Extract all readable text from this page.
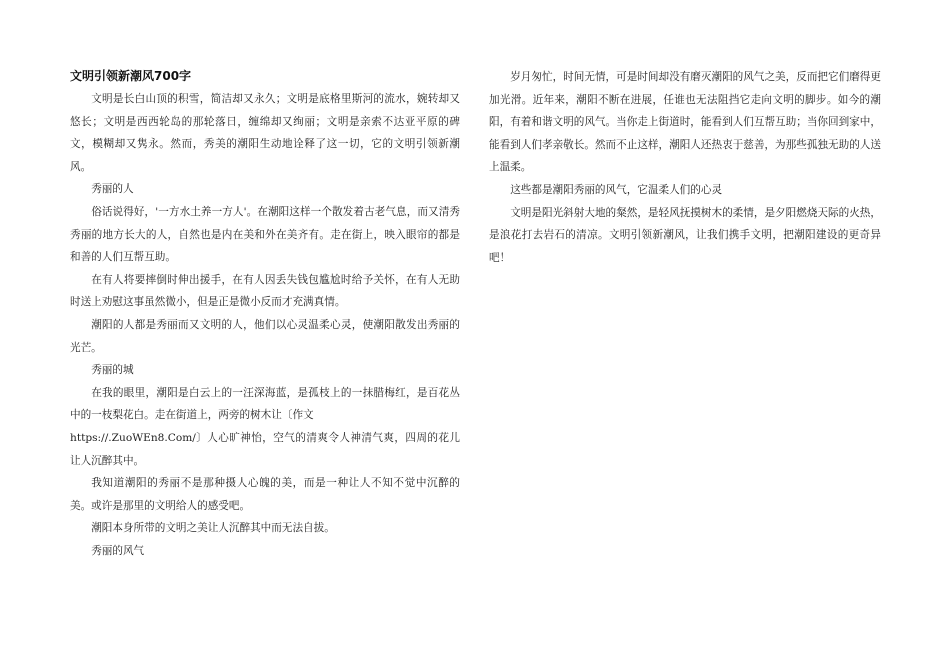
文明引领新潮风700字

文明是长白山顶的积雪，简洁却又永久；文明是底格里斯河的流水，婉转却又悠长；文明是西西轮岛的那轮落日，缠绵却又绚丽；文明是亲索不达亚平原的碑文，模糊却又隽永。然而，秀美的潮阳生动地诠释了这一切，它的文明引领新潮风。

秀丽的人

俗话说得好，'一方水土养一方人'。在潮阳这样一个散发着古老气息，而又清秀秀丽的地方长大的人，自然也是内在美和外在美齐有。走在街上，映入眼帘的都是和善的人们互帮互助。

在有人将要摔倒时伸出援手，在有人因丢失钱包尴尬时给予关怀，在有人无助时送上劝慰这事虽然微小，但是正是微小反而才充满真情。

潮阳的人都是秀丽而又文明的人，他们以心灵温柔心灵，使潮阳散发出秀丽的光芒。

秀丽的城

在我的眼里，潮阳是白云上的一汪深海蓝，是孤枝上的一抹腊梅红，是百花丛中的一枝梨花白。走在街道上，两旁的树木让〔作文

https://.ZuoWEn8.Com/〕人心旷神怡，空气的清爽令人神清气爽，四周的花儿让人沉醉其中。

我知道潮阳的秀丽不是那种摄人心魄的美，而是一种让人不知不觉中沉醉的美。或许是那里的文明给人的感受吧。

潮阳本身所带的文明之美让人沉醉其中而无法自拔。

秀丽的风气

岁月匆忙，时间无情，可是时间却没有磨灭潮阳的风气之美，反而把它们磨得更加光滑。近年来，潮阳不断在进展，任谁也无法阻挡它走向文明的脚步。如今的潮阳，有着和谐文明的风气。当你走上街道时，能看到人们互帮互助；当你回到家中，能看到人们孝亲敬长。然而不止这样，潮阳人还热衷于慈善，为那些孤独无助的人送上温柔。

这些都是潮阳秀丽的风气，它温柔人们的心灵

文明是阳光斜射大地的粲然，是轻风抚摸树木的柔情，是夕阳燃烧天际的火热，是浪花打去岩石的清凉。文明引领新潮风，让我们携手文明，把潮阳建设的更奇异吧！
